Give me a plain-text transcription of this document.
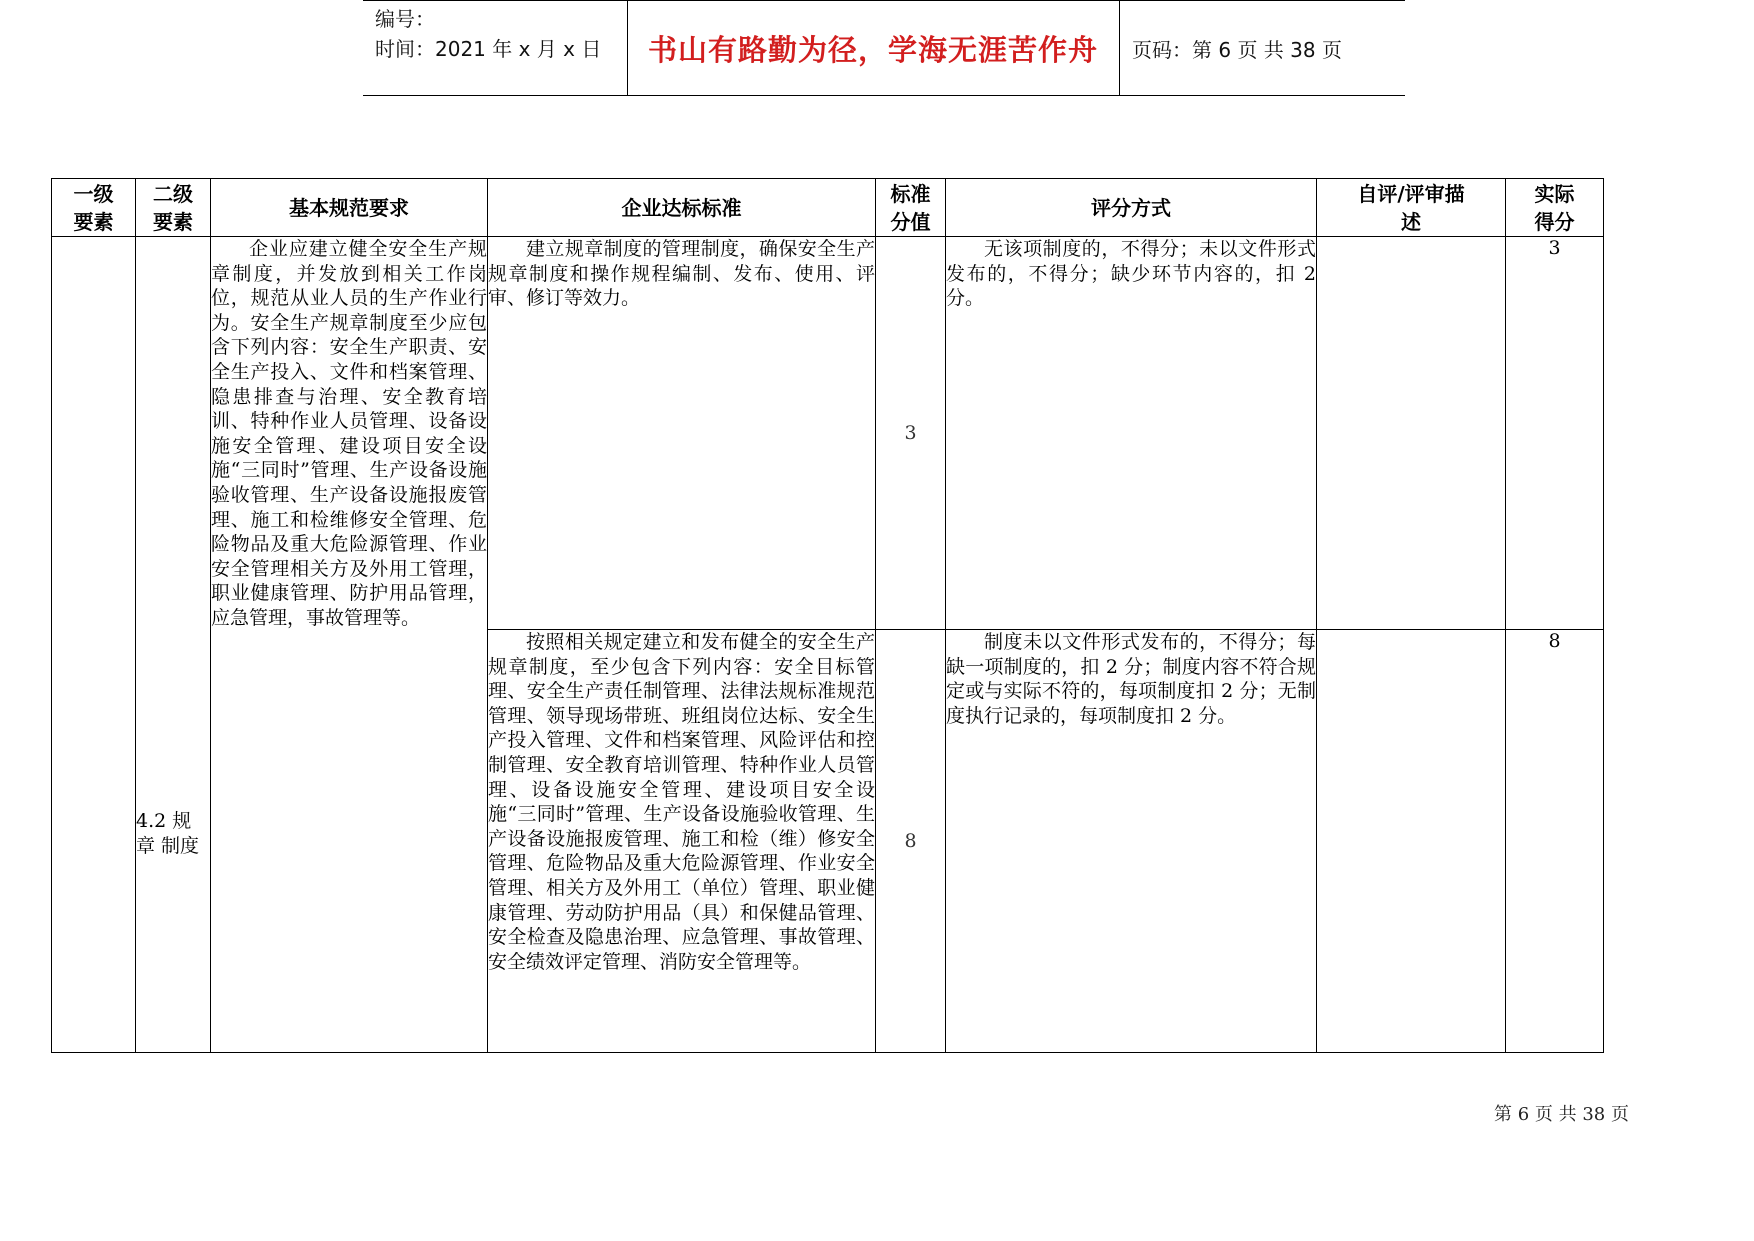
编号：
时间：2021 年 x 月 x 日 书山有路勤为径，学海无涯苦作舟	页码：第 6 页 共 38 页
一级要素	二级要素	基本规范要求	企业达标标准	标准分值	评分方式	自评/评审描　　述	实际得分

	4.2 规 章 制度	企业应建立健全安全生产规章制度，并发放到相关工作岗位，规范从业人员的生产作业行为。安全生产规章制度至少应包含下列内容：安全生产职责、安全生产投入、文件和档案管理、隐患排查与治理、安全教育培训、特种作业人员管理、设备设施安全管理、建设项目安全设施“三同时”管理、生产设备设施验收管理、生产设备设施报废管理、施工和检维修安全管理、危险物品及重大危险源管理、作业安全管理相关方及外用工管理，职业健康管理、防护用品管理，应急管理，事故管理等。	建立规章制度的管理制度，确保安全生产规章制度和操作规程编制、发布、使用、评审、修订等效力。	3	无该项制度的，不得分；未以文件形式发布的，不得分；缺少环节内容的，扣 2 分。		3
			按照相关规定建立和发布健全的安全生产规章制度，至少包含下列内容：安全目标管理、安全生产责任制管理、法律法规标准规范管理、领导现场带班、班组岗位达标、安全生产投入管理、文件和档案管理、风险评估和控制管理、安全教育培训管理、特种作业人员管理、设备设施安全管理、建设项目安全设施“三同时”管理、生产设备设施验收管理、生产设备设施报废管理、施工和检（维）修安全管理、危险物品及重大危险源管理、作业安全管理、相关方及外用工（单位）管理、职业健康管理、劳动防护用品（具）和保健品管理、安全检查及隐患治理、应急管理、事故管理、安全绩效评定管理、消防安全管理等。	8	制度未以文件形式发布的，不得分；每缺一项制度的，扣 2 分；制度内容不符合规定或与实际不符的，每项制度扣 2 分；无制度执行记录的，每项制度扣 2 分。		8
第 6 页 共 38 页
